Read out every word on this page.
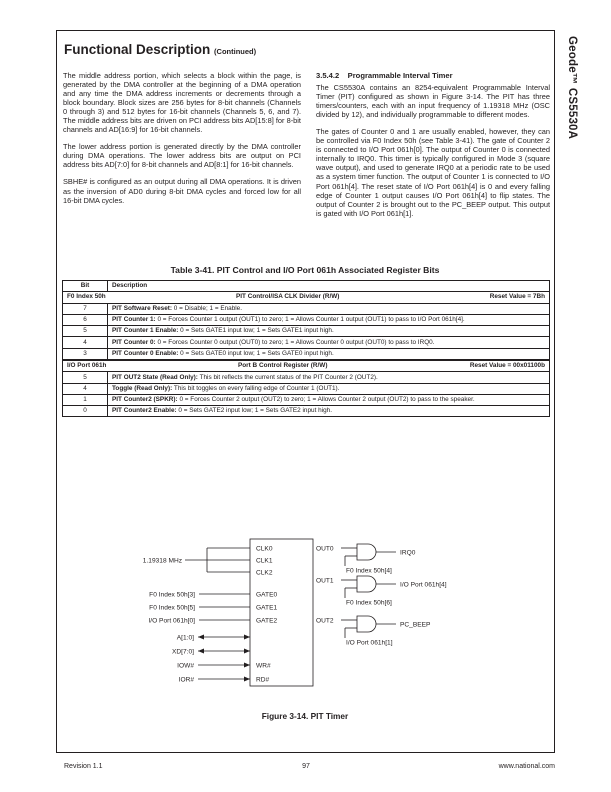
Geode™ CS5530A
Functional Description (Continued)

The middle address portion, which selects a block within the page, is generated by the DMA controller at the beginning of a DMA operation and any time the DMA address increments or decrements through a block boundary. Block sizes are 256 bytes for 8-bit channels (Channels 0 through 3) and 512 bytes for 16-bit channels (Channels 5, 6, and 7). The middle address bits are driven on PCI address bits AD[15:8] for 8-bit channels and AD[16:9] for 16-bit channels.

The lower address portion is generated directly by the DMA controller during DMA operations. The lower address bits are output on PCI address bits AD[7:0] for 8-bit channels and AD[8:1] for 16-bit channels.

SBHE# is configured as an output during all DMA operations. It is driven as the inversion of AD0 during 8-bit DMA cycles and forced low for all 16-bit DMA cycles.

3.5.4.2    Programmable Interval Timer

The CS5530A contains an 8254-equivalent Programmable Interval Timer (PIT) configured as shown in Figure 3-14. The PIT has three timers/counters, each with an input frequency of 1.19318 MHz (OSC divided by 12), and individually programmable to different modes.

The gates of Counter 0 and 1 are usually enabled, however, they can be controlled via F0 Index 50h (see Table 3-41). The gate of Counter 2 is connected to I/O Port 061h[0]. The output of Counter 0 is connected internally to IRQ0. This timer is typically configured in Mode 3 (square wave output), and used to generate IRQ0 at a periodic rate to be used as a system timer function. The output of Counter 1 is connected to I/O Port 061h[4]. The reset state of I/O Port 061h[4] is 0 and every falling edge of Counter 1 output causes I/O Port 061h[4] to flip states. The output of Counter 2 is brought out to the PC_BEEP output. This output is gated with I/O Port 061h[1].

Table 3-41. PIT Control and I/O Port 061h Associated Register Bits
Bit	Description

F0 Index 50h PIT Control/ISA CLK Divider (R/W) Reset Value = 7Bh	

7	PIT Software Reset: 0 = Disable; 1 = Enable.
6	PIT Counter 1: 0 = Forces Counter 1 output (OUT1) to zero; 1 = Allows Counter 1 output (OUT1) to pass to I/O Port 061h[4].
5	PIT Counter 1 Enable: 0 = Sets GATE1 input low; 1 = Sets GATE1 input high.
4	PIT Counter 0: 0 = Forces Counter 0 output (OUT0) to zero; 1 = Allows Counter 0 output (OUT0) to pass to IRQ0.
3	PIT Counter 0 Enable: 0 = Sets GATE0 input low; 1 = Sets GATE0 input high.

I/O Port 061h Port B Control Register (R/W) Reset Value = 00x01100b	

5	PIT OUT2 State (Read Only): This bit reflects the current status of the PIT Counter 2 (OUT2).
4	Toggle (Read Only): This bit toggles on every falling edge of Counter 1 (OUT1).
1	PIT Counter2 (SPKR): 0 = Forces Counter 2 output (OUT2) to zero; 1 = Allows Counter 2 output (OUT2) to pass to the speaker.
0	PIT Counter2 Enable: 0 = Sets GATE2 input low; 1 = Sets GATE2 input high.
CLK0
CLK1
CLK2
GATE0
GATE1
GATE2
WR#
RD#
OUT0
OUT1
OUT2
1.19318 MHz
F0 Index 50h[3]
F0 Index 50h[5]
I/O Port 061h[0]
A[1:0]
XD[7:0]
IOW#
IOR#
IRQ0
I/O Port 061h[4]
PC_BEEP
F0 Index 50h[4]
F0 Index 50h[6]
I/O Port 061h[1]
Figure 3-14. PIT Timer
Revision 1.1	97	www.national.com
